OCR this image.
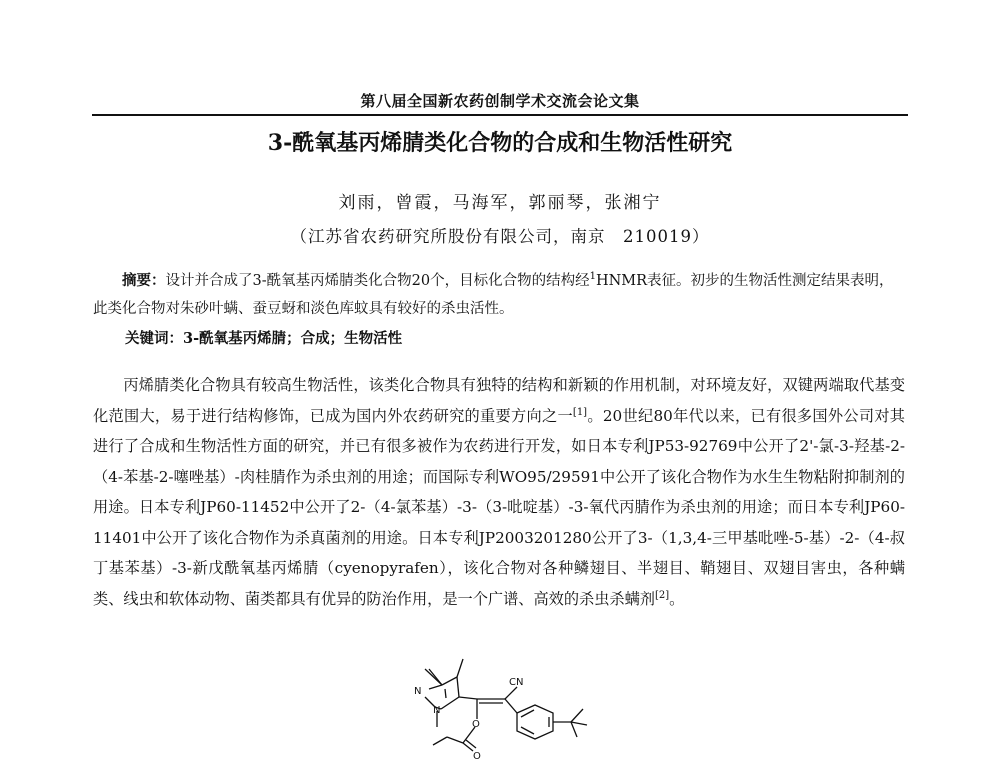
第八届全国新农药创制学术交流会论文集
3-酰氧基丙烯腈类化合物的合成和生物活性研究
刘雨，曾霞，马海军，郭丽琴，张湘宁
（江苏省农药研究所股份有限公司，南京　210019）
摘要：设计并合成了3-酰氧基丙烯腈类化合物20个，目标化合物的结构经$^1$HNMR表征。初步的生物活性测定结果表明，此类化合物对朱砂叶螨、蚕豆蚜和淡色库蚊具有较好的杀虫活性。
关键词：3-酰氧基丙烯腈；合成；生物活性
丙烯腈类化合物具有较高生物活性，该类化合物具有独特的结构和新颖的作用机制，对环境友好，双键两端取代基变化范围大，易于进行结构修饰，已成为国内外农药研究的重要方向之一[1]。20世纪80年代以来，已有很多国外公司对其进行了合成和生物活性方面的研究，并已有很多被作为农药进行开发，如日本专利JP53-92769中公开了2'-氯-3-羟基-2-（4-苯基-2-噻唑基）-肉桂腈作为杀虫剂的用途；而国际专利WO95/29591中公开了该化合物作为水生生物粘附抑制剂的用途。日本专利JP60-11452中公开了2-（4-氯苯基）-3-（3-吡啶基）-3-氧代丙腈作为杀虫剂的用途；而日本专利JP60-11401中公开了该化合物作为杀真菌剂的用途。日本专利JP2003201280公开了3-（1,3,4-三甲基吡唑-5-基）-2-（4-叔丁基苯基）-3-新戊酰氧基丙烯腈（cyenopyrafen），该化合物对各种鳞翅目、半翅目、鞘翅目、双翅目害虫，各种螨类、线虫和软体动物、菌类都具有优异的防治作用，是一个广谱、高效的杀虫杀螨剂[2]。
N
N
CN
O
O
